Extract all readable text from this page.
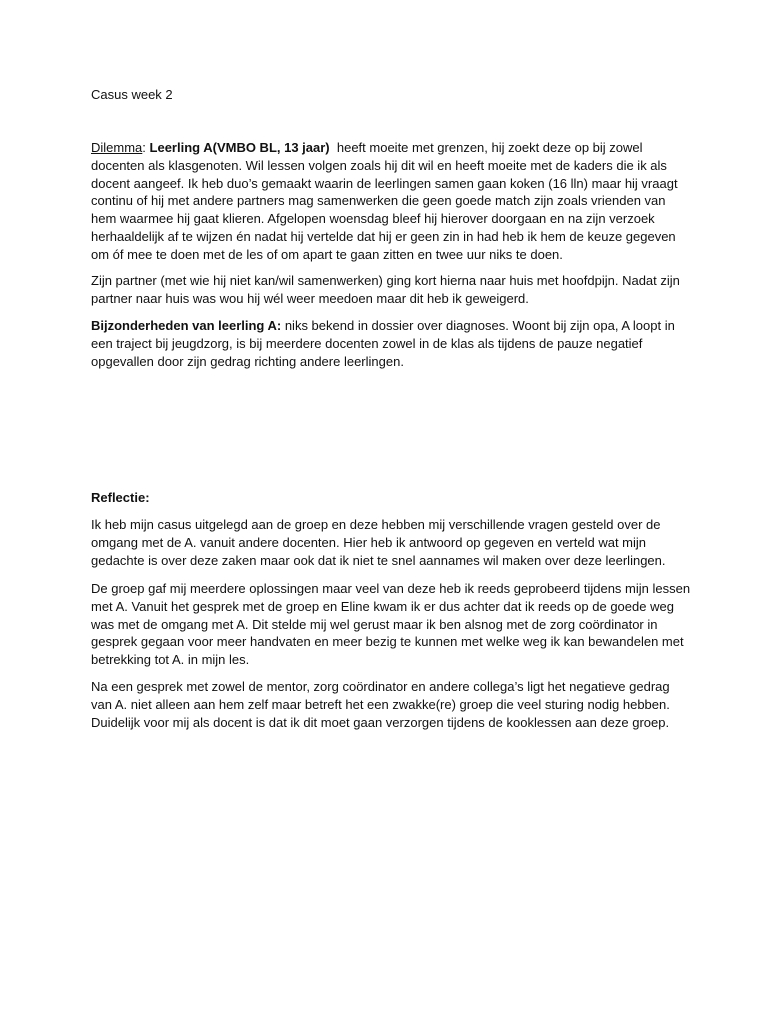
Casus week 2

Dilemma: Leerling A(VMBO BL, 13 jaar)  heeft moeite met grenzen, hij zoekt deze op bij zowel docenten als klasgenoten. Wil lessen volgen zoals hij dit wil en heeft moeite met de kaders die ik als docent aangeef. Ik heb duo’s gemaakt waarin de leerlingen samen gaan koken (16 lln) maar hij vraagt continu of hij met andere partners mag samenwerken die geen goede match zijn zoals vrienden van hem waarmee hij gaat klieren. Afgelopen woensdag bleef hij hierover doorgaan en na zijn verzoek herhaaldelijk af te wijzen én nadat hij vertelde dat hij er geen zin in had heb ik hem de keuze gegeven om óf mee te doen met de les of om apart te gaan zitten en twee uur niks te doen.

Zijn partner (met wie hij niet kan/wil samenwerken) ging kort hierna naar huis met hoofdpijn. Nadat zijn partner naar huis was wou hij wél weer meedoen maar dit heb ik geweigerd.

Bijzonderheden van leerling A: niks bekend in dossier over diagnoses. Woont bij zijn opa, A loopt in een traject bij jeugdzorg, is bij meerdere docenten zowel in de klas als tijdens de pauze negatief opgevallen door zijn gedrag richting andere leerlingen.

Reflectie:

Ik heb mijn casus uitgelegd aan de groep en deze hebben mij verschillende vragen gesteld over de omgang met de A. vanuit andere docenten. Hier heb ik antwoord op gegeven en verteld wat mijn gedachte is over deze zaken maar ook dat ik niet te snel aannames wil maken over deze leerlingen.

De groep gaf mij meerdere oplossingen maar veel van deze heb ik reeds geprobeerd tijdens mijn lessen met A. Vanuit het gesprek met de groep en Eline kwam ik er dus achter dat ik reeds op de goede weg was met de omgang met A. Dit stelde mij wel gerust maar ik ben alsnog met de zorg coördinator in gesprek gegaan voor meer handvaten en meer bezig te kunnen met welke weg ik kan bewandelen met betrekking tot A. in mijn les.

Na een gesprek met zowel de mentor, zorg coördinator en andere collega’s ligt het negatieve gedrag van A. niet alleen aan hem zelf maar betreft het een zwakke(re) groep die veel sturing nodig hebben. Duidelijk voor mij als docent is dat ik dit moet gaan verzorgen tijdens de kooklessen aan deze groep.
